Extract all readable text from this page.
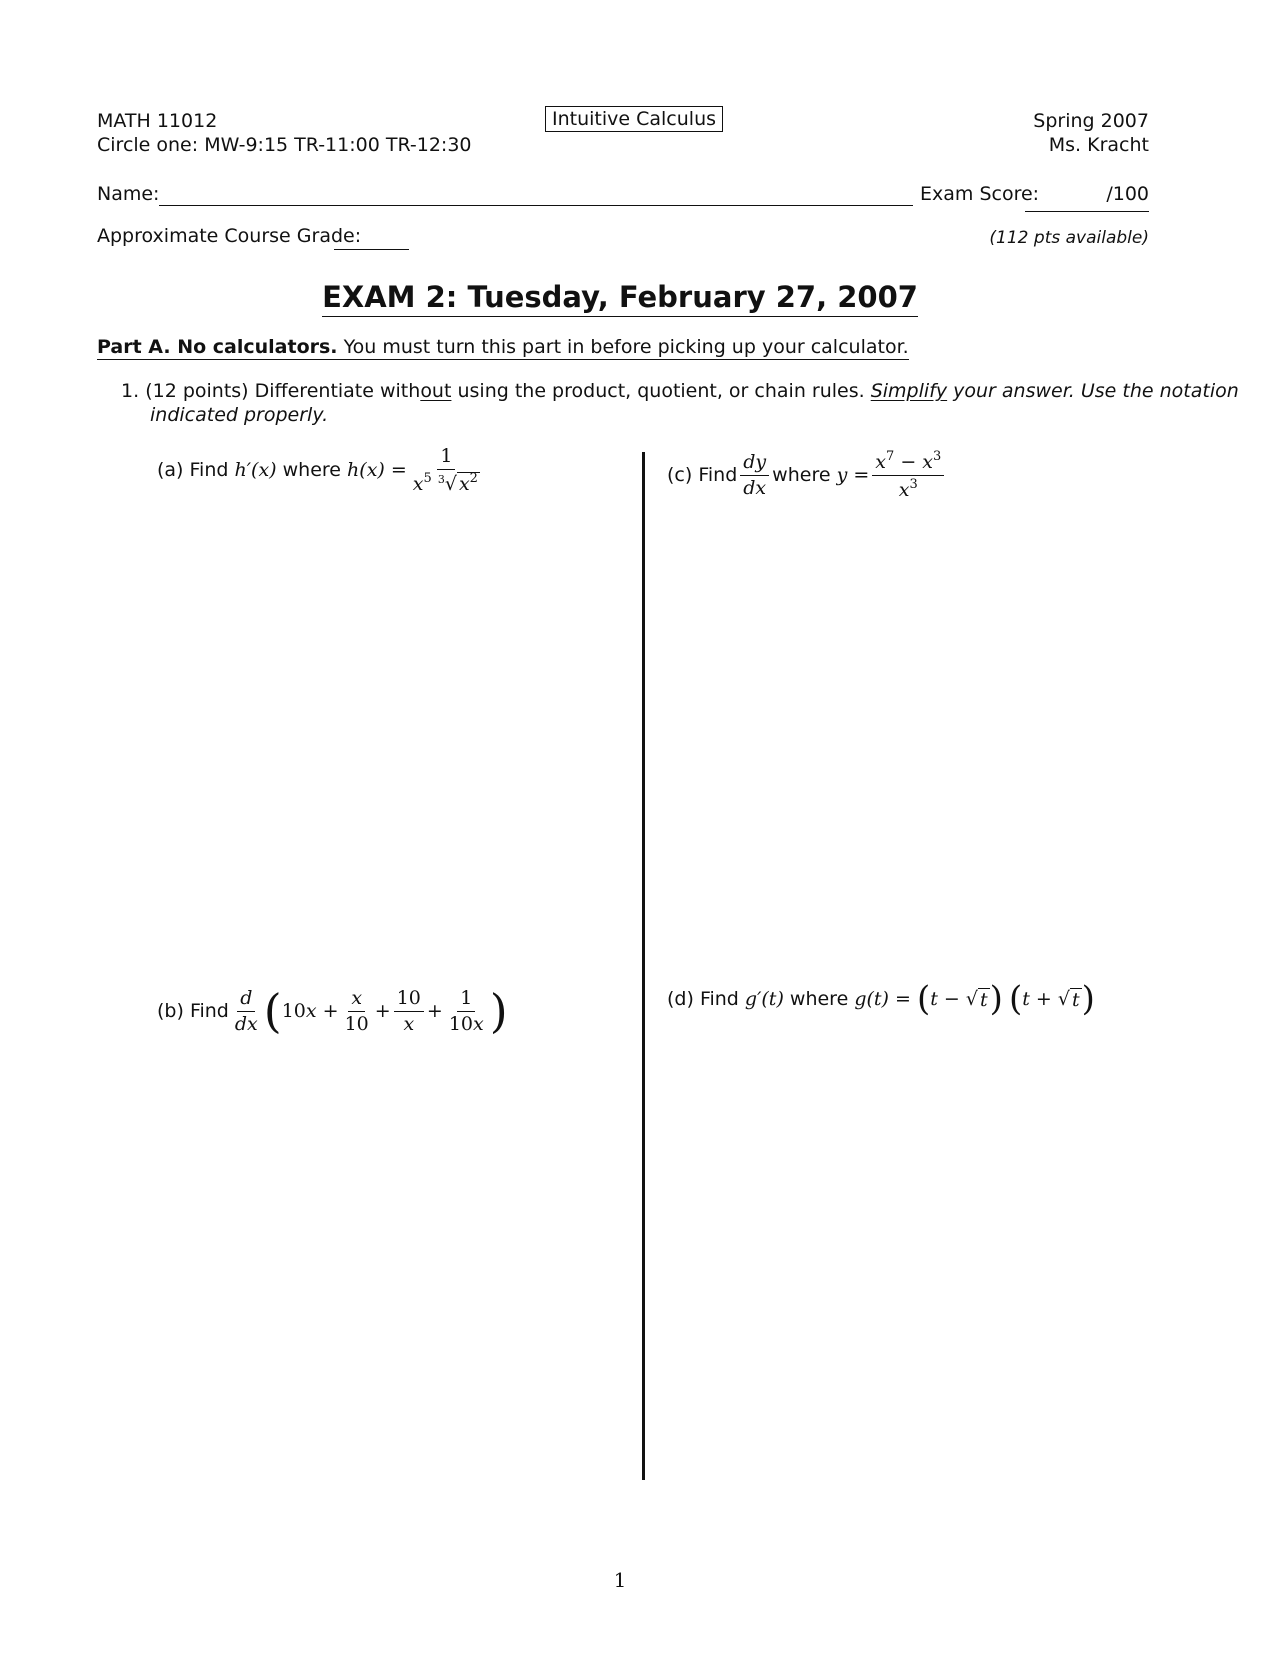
MATH 11012
Circle one: MW-9:15 TR-11:00 TR-12:30
Intuitive Calculus	Spring 2007
Ms. Kracht
Name:	Exam Score:	/100
Approximate Course Grade:	(112 pts available)
EXAM 2: Tuesday, February 27, 2007
Part A. No calculators. You must turn this part in before picking up your calculator.
1. (12 points) Differentiate without using the product, quotient, or chain rules. Simplify your answer. Use the notation
indicated properly.
(a)
Find
h′(x)
where
h(x)
= $\frac{1}{x^5 ^3√ x^2}$	(c)
Find $\frac{dy}{dx}$ where
y
= $\frac{x^7 - x^3}{x^3}$
(b)
Find $\frac{d}{dx}$ ( 10 x
+ $\frac{x}{10} + \frac{10}{x} + \frac{1}{10x}$ )	(d)
Find
g′(t)
where
g(t)
=
( t
−
√ t )
( t
+
√ t )
1
